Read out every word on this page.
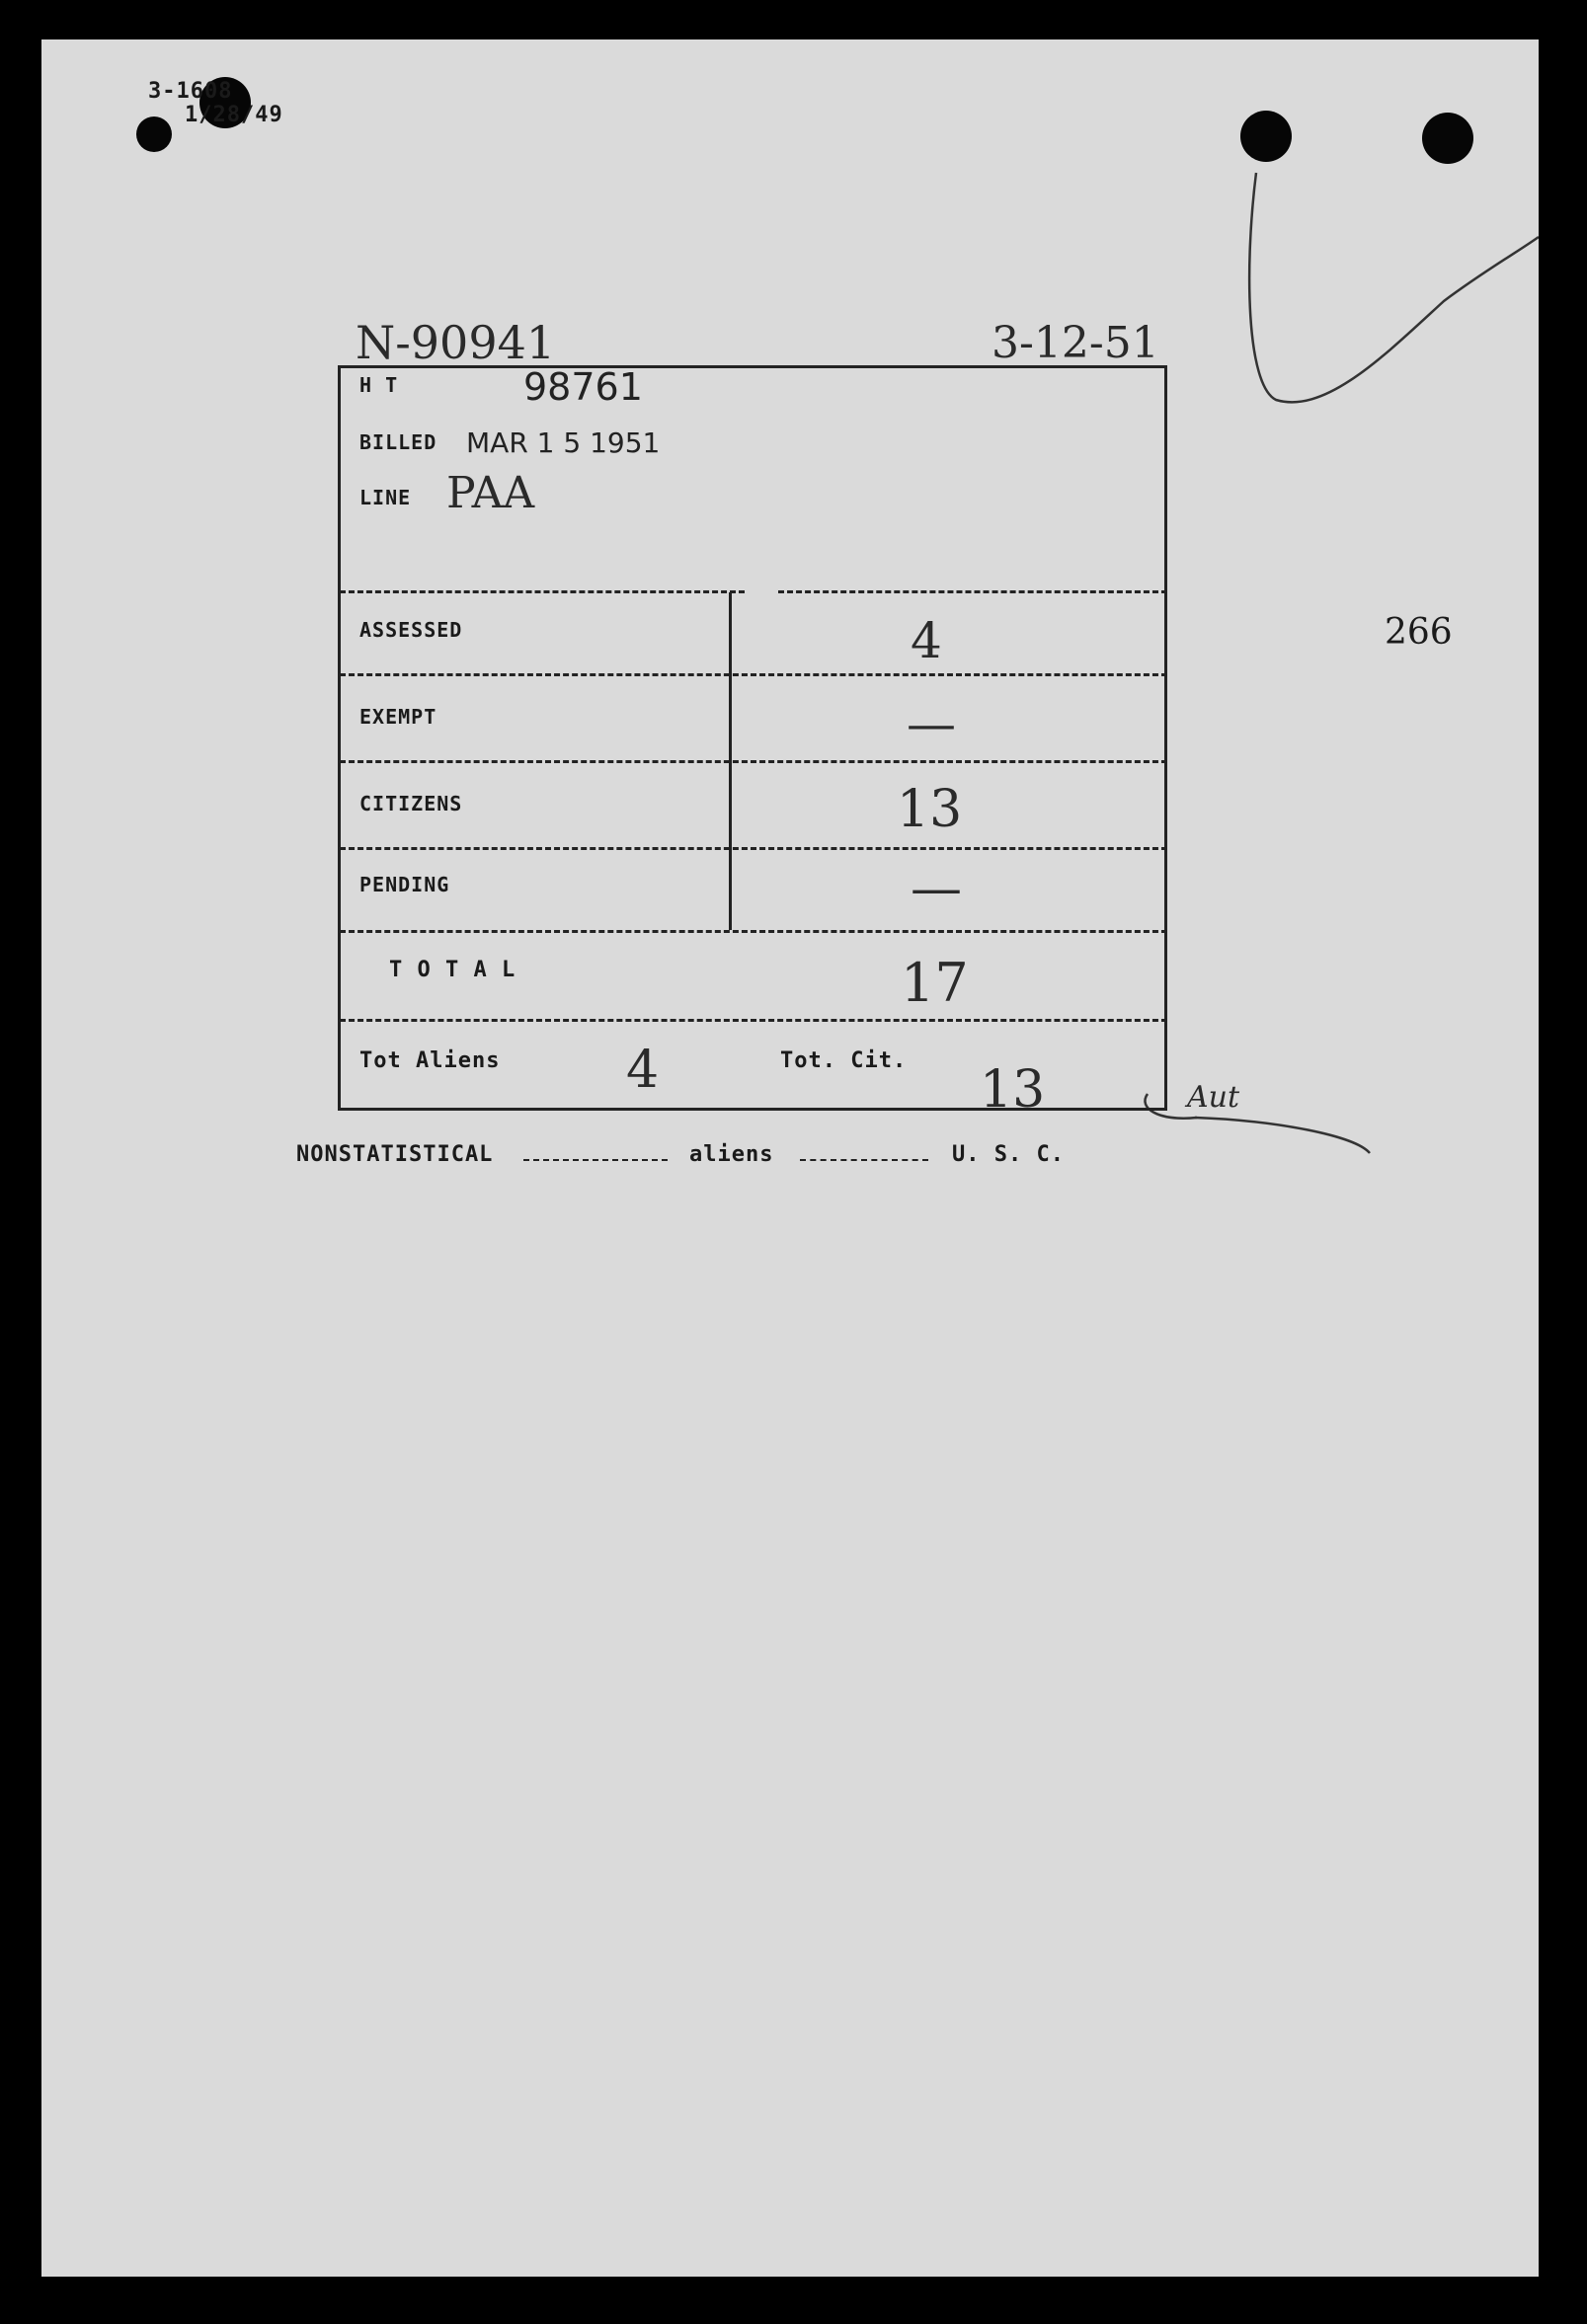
3-1608
1/28/49
N-90941	3-12-51
266
H T	98761
BILLED MAR 1 5 1951
LINE PAA
ASSESSED	4
EXEMPT	—
CITIZENS	13
PENDING	—
T O T A L	17
Tot Aliens 4	Tot. Cit. 13	Aut
NONSTATISTICAL	aliens	U. S. C.
